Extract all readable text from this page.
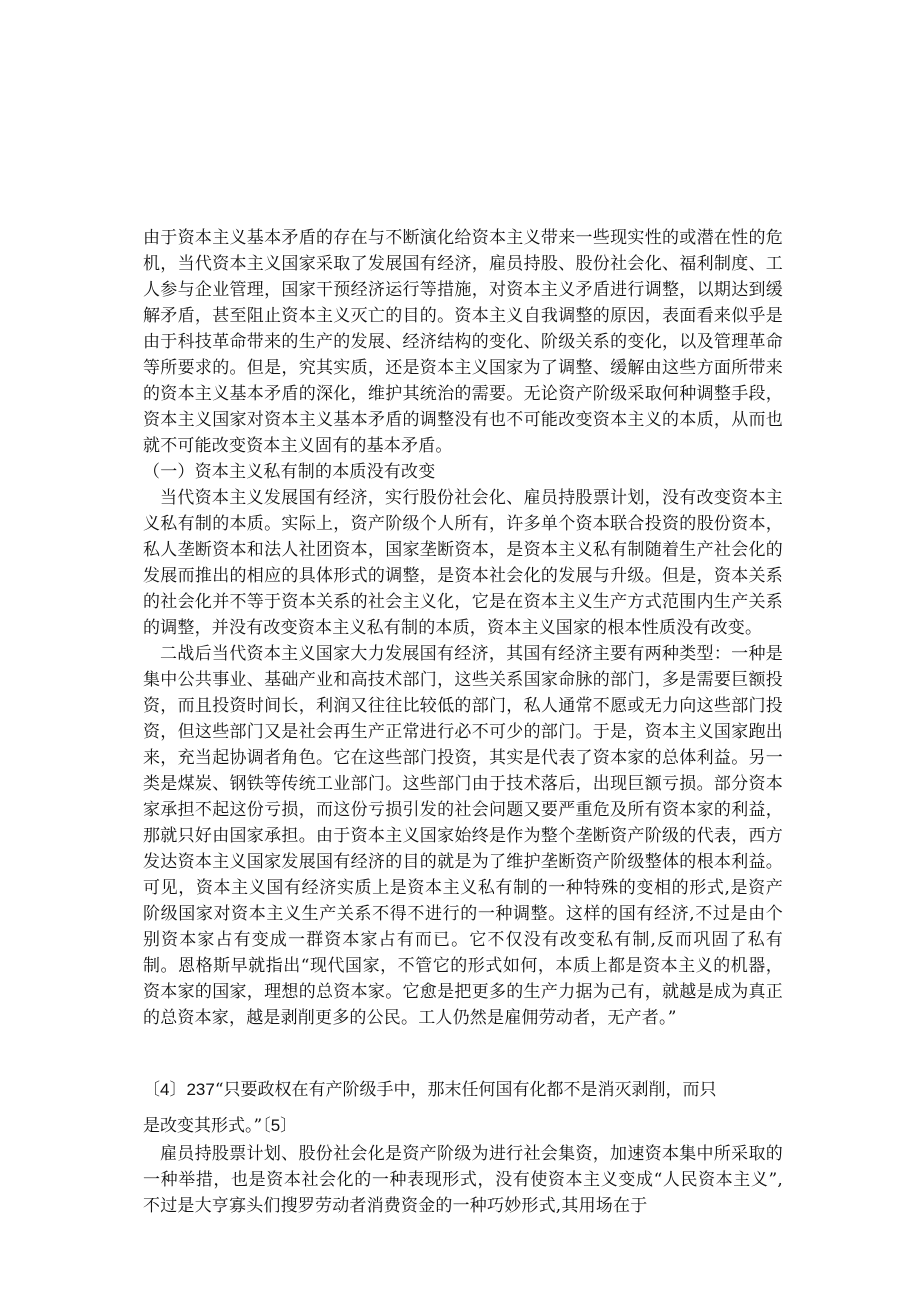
由于资本主义基本矛盾的存在与不断演化给资本主义带来一些现实性的或潜在性的危机，当代资本主义国家采取了发展国有经济，雇员持股、股份社会化、福利制度、工人参与企业管理，国家干预经济运行等措施，对资本主义矛盾进行调整，以期达到缓解矛盾，甚至阻止资本主义灭亡的目的。资本主义自我调整的原因，表面看来似乎是由于科技革命带来的生产的发展、经济结构的变化、阶级关系的变化，以及管理革命等所要求的。但是，究其实质，还是资本主义国家为了调整、缓解由这些方面所带来的资本主义基本矛盾的深化，维护其统治的需要。无论资产阶级采取何种调整手段，资本主义国家对资本主义基本矛盾的调整没有也不可能改变资本主义的本质，从而也就不可能改变资本主义固有的基本矛盾。

（一）资本主义私有制的本质没有改变

当代资本主义发展国有经济，实行股份社会化、雇员持股票计划，没有改变资本主义私有制的本质。实际上，资产阶级个人所有，许多单个资本联合投资的股份资本，私人垄断资本和法人社团资本，国家垄断资本，是资本主义私有制随着生产社会化的发展而推出的相应的具体形式的调整，是资本社会化的发展与升级。但是，资本关系的社会化并不等于资本关系的社会主义化，它是在资本主义生产方式范围内生产关系的调整，并没有改变资本主义私有制的本质，资本主义国家的根本性质没有改变。

二战后当代资本主义国家大力发展国有经济，其国有经济主要有两种类型：一种是集中公共事业、基础产业和高技术部门，这些关系国家命脉的部门，多是需要巨额投资，而且投资时间长，利润又往往比较低的部门，私人通常不愿或无力向这些部门投资，但这些部门又是社会再生产正常进行必不可少的部门。于是，资本主义国家跑出来，充当起协调者角色。它在这些部门投资，其实是代表了资本家的总体利益。另一类是煤炭、钢铁等传统工业部门。这些部门由于技术落后，出现巨额亏损。部分资本家承担不起这份亏损，而这份亏损引发的社会问题又要严重危及所有资本家的利益，那就只好由国家承担。由于资本主义国家始终是作为整个垄断资产阶级的代表，西方发达资本主义国家发展国有经济的目的就是为了维护垄断资产阶级整体的根本利益。可见，资本主义国有经济实质上是资本主义私有制的一种特殊的变相的形式,是资产阶级国家对资本主义生产关系不得不进行的一种调整。这样的国有经济,不过是由个别资本家占有变成一群资本家占有而已。它不仅没有改变私有制,反而巩固了私有制。恩格斯早就指出“现代国家，不管它的形式如何，本质上都是资本主义的机器，资本家的国家，理想的总资本家。它愈是把更多的生产力据为己有，就越是成为真正的总资本家，越是剥削更多的公民。工人仍然是雇佣劳动者，无产者。”

〔4〕237“只要政权在有产阶级手中，那末任何国有化都不是消灭剥削，而只
是改变其形式。”〔5〕

雇员持股票计划、股份社会化是资产阶级为进行社会集资，加速资本集中所采取的一种举措，也是资本社会化的一种表现形式，没有使资本主义变成“人民资本主义”,不过是大亨寡头们搜罗劳动者消费资金的一种巧妙形式,其用场在于
